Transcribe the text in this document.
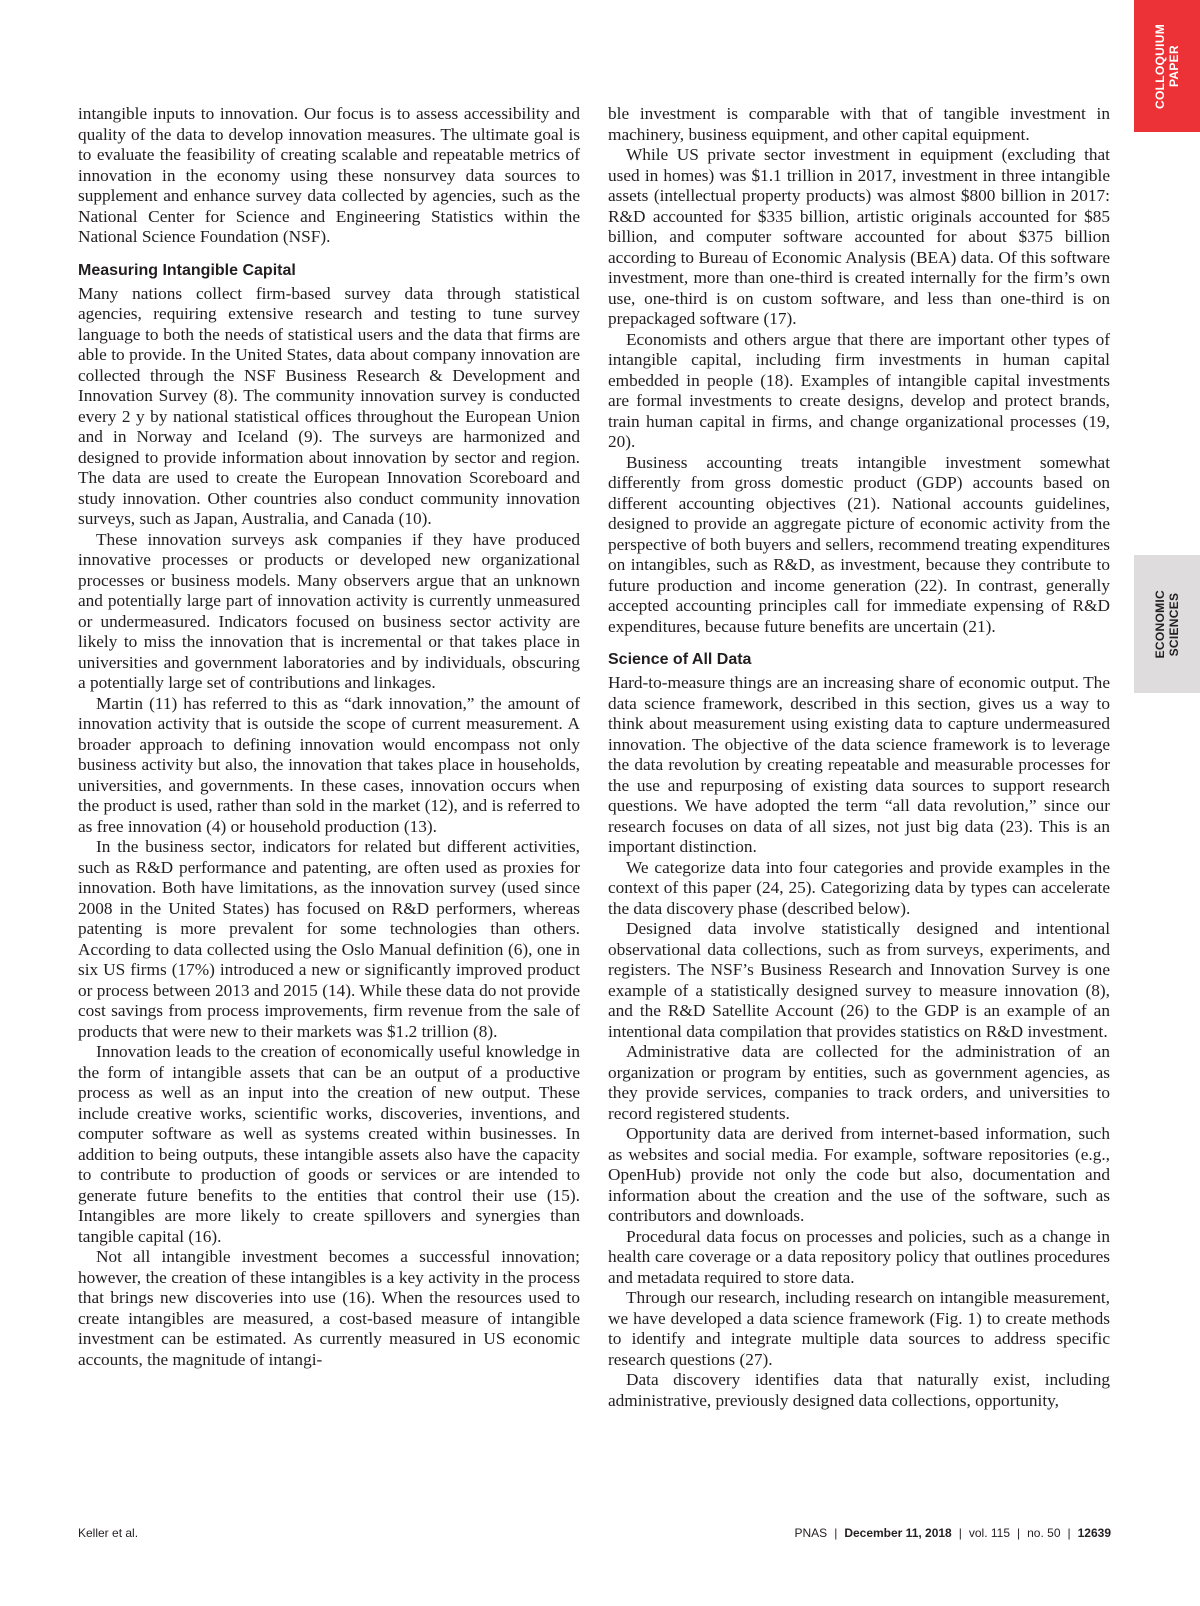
COLLOQUIUM
PAPER
ECONOMIC
SCIENCES

intangible inputs to innovation. Our focus is to assess accessibility and quality of the data to develop innovation measures. The ultimate goal is to evaluate the feasibility of creating scalable and repeatable metrics of innovation in the economy using these nonsurvey data sources to supplement and enhance survey data collected by agencies, such as the National Center for Science and Engineering Statistics within the National Science Foundation (NSF).

Measuring Intangible Capital

Many nations collect firm-based survey data through statistical agencies, requiring extensive research and testing to tune survey language to both the needs of statistical users and the data that firms are able to provide. In the United States, data about company innovation are collected through the NSF Business Research & Development and Innovation Survey (8). The community innovation survey is conducted every 2 y by national statistical offices throughout the European Union and in Norway and Iceland (9). The surveys are harmonized and designed to provide information about innovation by sector and region. The data are used to create the European Innovation Scoreboard and study innovation. Other countries also conduct community innovation surveys, such as Japan, Australia, and Canada (10).

These innovation surveys ask companies if they have produced innovative processes or products or developed new organizational processes or business models. Many observers argue that an unknown and potentially large part of innovation activity is currently unmeasured or undermeasured. Indicators focused on business sector activity are likely to miss the innovation that is incremental or that takes place in universities and government laboratories and by individuals, obscuring a potentially large set of contributions and linkages.

Martin (11) has referred to this as “dark innovation,” the amount of innovation activity that is outside the scope of current measurement. A broader approach to defining innovation would encompass not only business activity but also, the innovation that takes place in households, universities, and governments. In these cases, innovation occurs when the product is used, rather than sold in the market (12), and is referred to as free innovation (4) or household production (13).

In the business sector, indicators for related but different activities, such as R&D performance and patenting, are often used as proxies for innovation. Both have limitations, as the innovation survey (used since 2008 in the United States) has focused on R&D performers, whereas patenting is more prevalent for some technologies than others. According to data collected using the Oslo Manual definition (6), one in six US firms (17%) introduced a new or significantly improved product or process between 2013 and 2015 (14). While these data do not provide cost savings from process improvements, firm revenue from the sale of products that were new to their markets was $1.2 trillion (8).

Innovation leads to the creation of economically useful knowledge in the form of intangible assets that can be an output of a productive process as well as an input into the creation of new output. These include creative works, scientific works, discoveries, inventions, and computer software as well as systems created within businesses. In addition to being outputs, these intangible assets also have the capacity to contribute to production of goods or services or are intended to generate future benefits to the entities that control their use (15). Intangibles are more likely to create spillovers and synergies than tangible capital (16).

Not all intangible investment becomes a successful innovation; however, the creation of these intangibles is a key activity in the process that brings new discoveries into use (16). When the resources used to create intangibles are measured, a cost-based measure of intangible investment can be estimated. As currently measured in US economic accounts, the magnitude of intangi-

ble investment is comparable with that of tangible investment in machinery, business equipment, and other capital equipment.

While US private sector investment in equipment (excluding that used in homes) was $1.1 trillion in 2017, investment in three intangible assets (intellectual property products) was almost $800 billion in 2017: R&D accounted for $335 billion, artistic originals accounted for $85 billion, and computer software accounted for about $375 billion according to Bureau of Economic Analysis (BEA) data. Of this software investment, more than one-third is created internally for the firm’s own use, one-third is on custom software, and less than one-third is on prepackaged software (17).

Economists and others argue that there are important other types of intangible capital, including firm investments in human capital embedded in people (18). Examples of intangible capital investments are formal investments to create designs, develop and protect brands, train human capital in firms, and change organizational processes (19, 20).

Business accounting treats intangible investment somewhat differently from gross domestic product (GDP) accounts based on different accounting objectives (21). National accounts guidelines, designed to provide an aggregate picture of economic activity from the perspective of both buyers and sellers, recommend treating expenditures on intangibles, such as R&D, as investment, because they contribute to future production and income generation (22). In contrast, generally accepted accounting principles call for immediate expensing of R&D expenditures, because future benefits are uncertain (21).

Science of All Data

Hard-to-measure things are an increasing share of economic output. The data science framework, described in this section, gives us a way to think about measurement using existing data to capture undermeasured innovation. The objective of the data science framework is to leverage the data revolution by creating repeatable and measurable processes for the use and repurposing of existing data sources to support research questions. We have adopted the term “all data revolution,” since our research focuses on data of all sizes, not just big data (23). This is an important distinction.

We categorize data into four categories and provide examples in the context of this paper (24, 25). Categorizing data by types can accelerate the data discovery phase (described below).

Designed data involve statistically designed and intentional observational data collections, such as from surveys, experiments, and registers. The NSF’s Business Research and Innovation Survey is one example of a statistically designed survey to measure innovation (8), and the R&D Satellite Account (26) to the GDP is an example of an intentional data compilation that provides statistics on R&D investment.

Administrative data are collected for the administration of an organization or program by entities, such as government agencies, as they provide services, companies to track orders, and universities to record registered students.

Opportunity data are derived from internet-based information, such as websites and social media. For example, software repositories (e.g., OpenHub) provide not only the code but also, documentation and information about the creation and the use of the software, such as contributors and downloads.

Procedural data focus on processes and policies, such as a change in health care coverage or a data repository policy that outlines procedures and metadata required to store data.

Through our research, including research on intangible measurement, we have developed a data science framework (Fig. 1) to create methods to identify and integrate multiple data sources to address specific research questions (27).

Data discovery identifies data that naturally exist, including administrative, previously designed data collections, opportunity,

Keller et al.	PNAS | December 11, 2018 | vol. 115 | no. 50 | 12639
